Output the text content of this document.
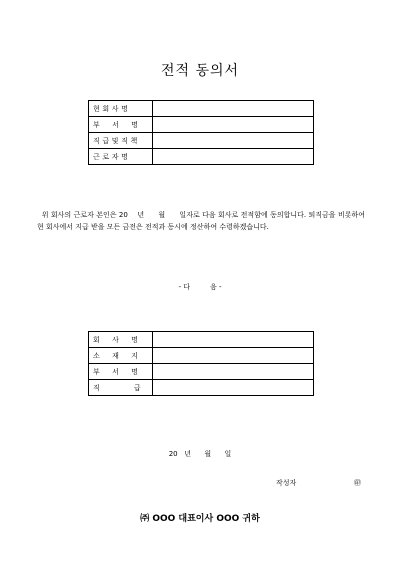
전적 동의서
현 회 사 명	
부     서     명	
직 급 및 직 책	
근 로 자 명	
위 회사의 근로자 본인은 20    년      월      일자로 다음 회사로 전적함에 동의합니다. 퇴직금을 비롯하여 현 회사에서 지급 받을 모든 금전은 전적과 동시에 정산하여 수령하겠습니다.
- 다         음 -
회     사     명	
소     재     지	
부     서     명	
직              급	
20   년      월      일
작성자	㊞
㈜ OOO 대표이사 OOO 귀하
